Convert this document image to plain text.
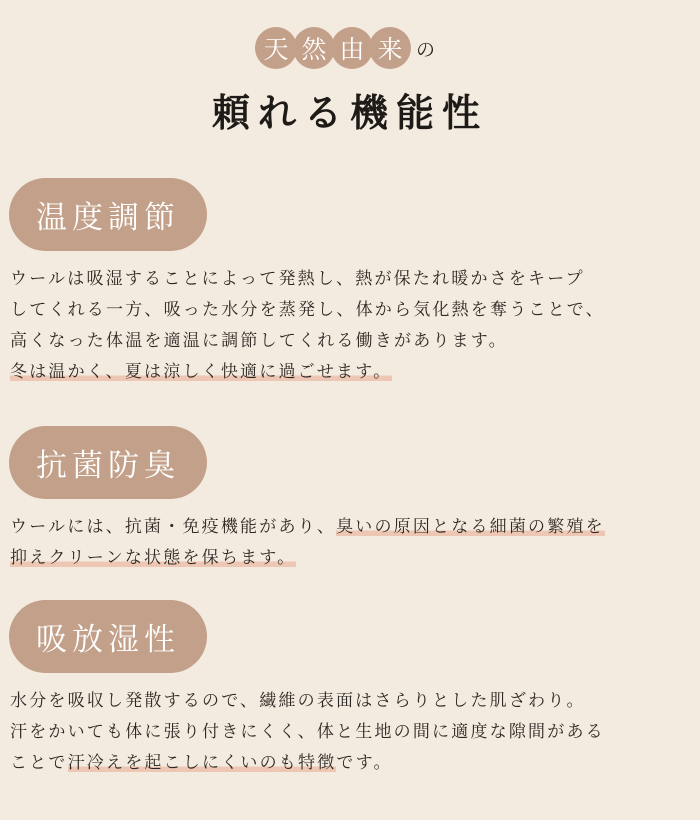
天 然 由 来 の
頼れる機能性
温度調節
ウールは吸湿することによって発熱し、熱が保たれ暖かさをキープ
してくれる一方、吸った水分を蒸発し、体から気化熱を奪うことで、
高くなった体温を適温に調節してくれる働きがあります。
冬は温かく、夏は涼しく快適に過ごせます。
抗菌防臭
ウールには、抗菌・免疫機能があり、臭いの原因となる細菌の繁殖を
抑えクリーンな状態を保ちます。
吸放湿性
水分を吸収し発散するので、繊維の表面はさらりとした肌ざわり。
汗をかいても体に張り付きにくく、体と生地の間に適度な隙間がある
ことで汗冷えを起こしにくいのも特徴です。
